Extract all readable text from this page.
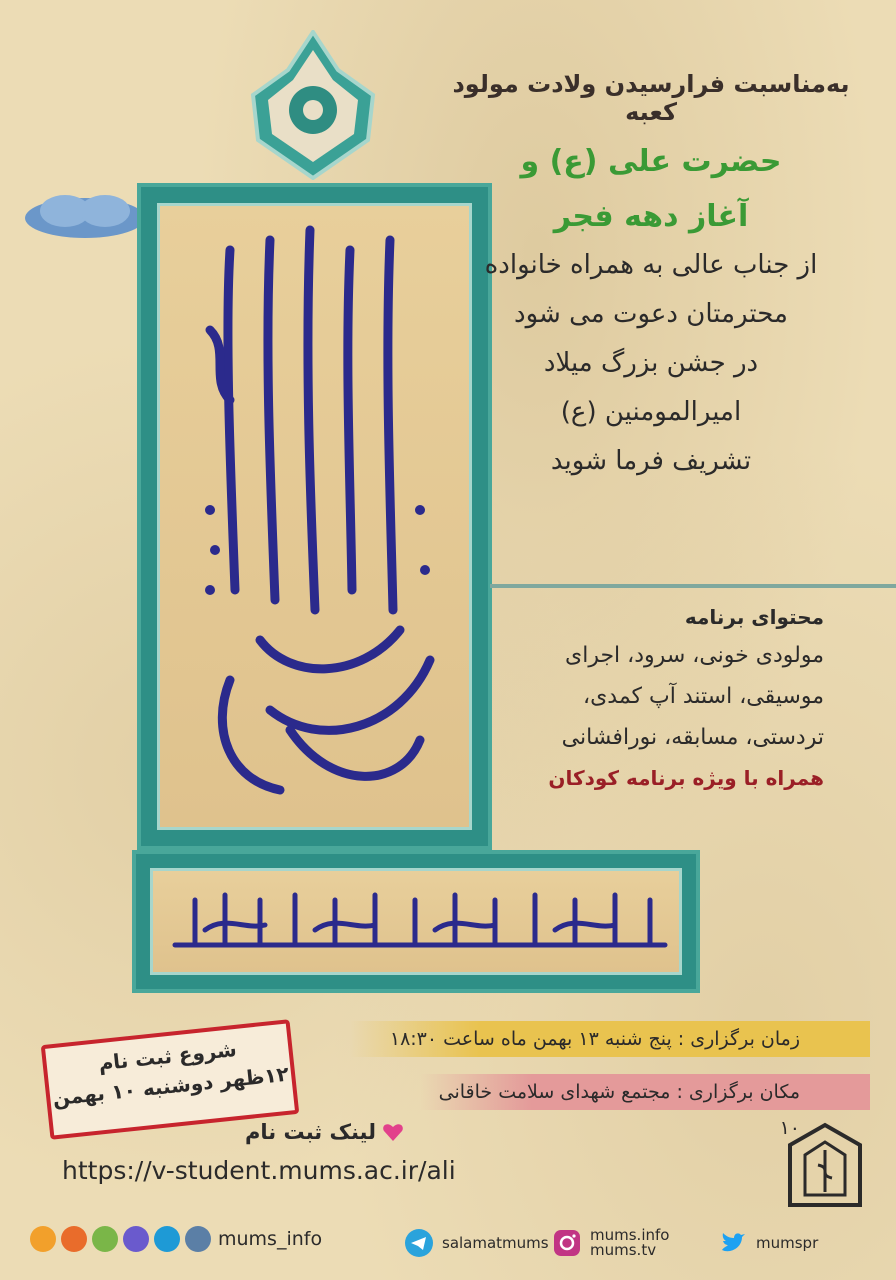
به‌مناسبت فرارسیدن ولادت مولود کعبه
حضرت علی (ع) و
آغاز دهه فجر
از جناب عالی به همراه خانواده
محترمتان دعوت می شود
در جشن بزرگ میلاد
امیرالمومنین (ع)
تشریف فرما شوید
محتوای برنامه
مولودی خونی، سرود، اجرای
موسیقی، استند آپ کمدی،
تردستی، مسابقه، نورافشانی
همراه با ویژه برنامه کودکان
زمان برگزاری : پنج شنبه ۱۳ بهمن ماه ساعت ۱۸:۳۰
مکان برگزاری : مجتمع شهدای سلامت خاقانی ۱۰
شروع ثبت نام
۱۲ظهر دوشنبه ۱۰ بهمن
لینک ثبت نام
https://v-student.mums.ac.ir/ali
mums_info	salamatmums	mums.info
mums.tv	mumspr
